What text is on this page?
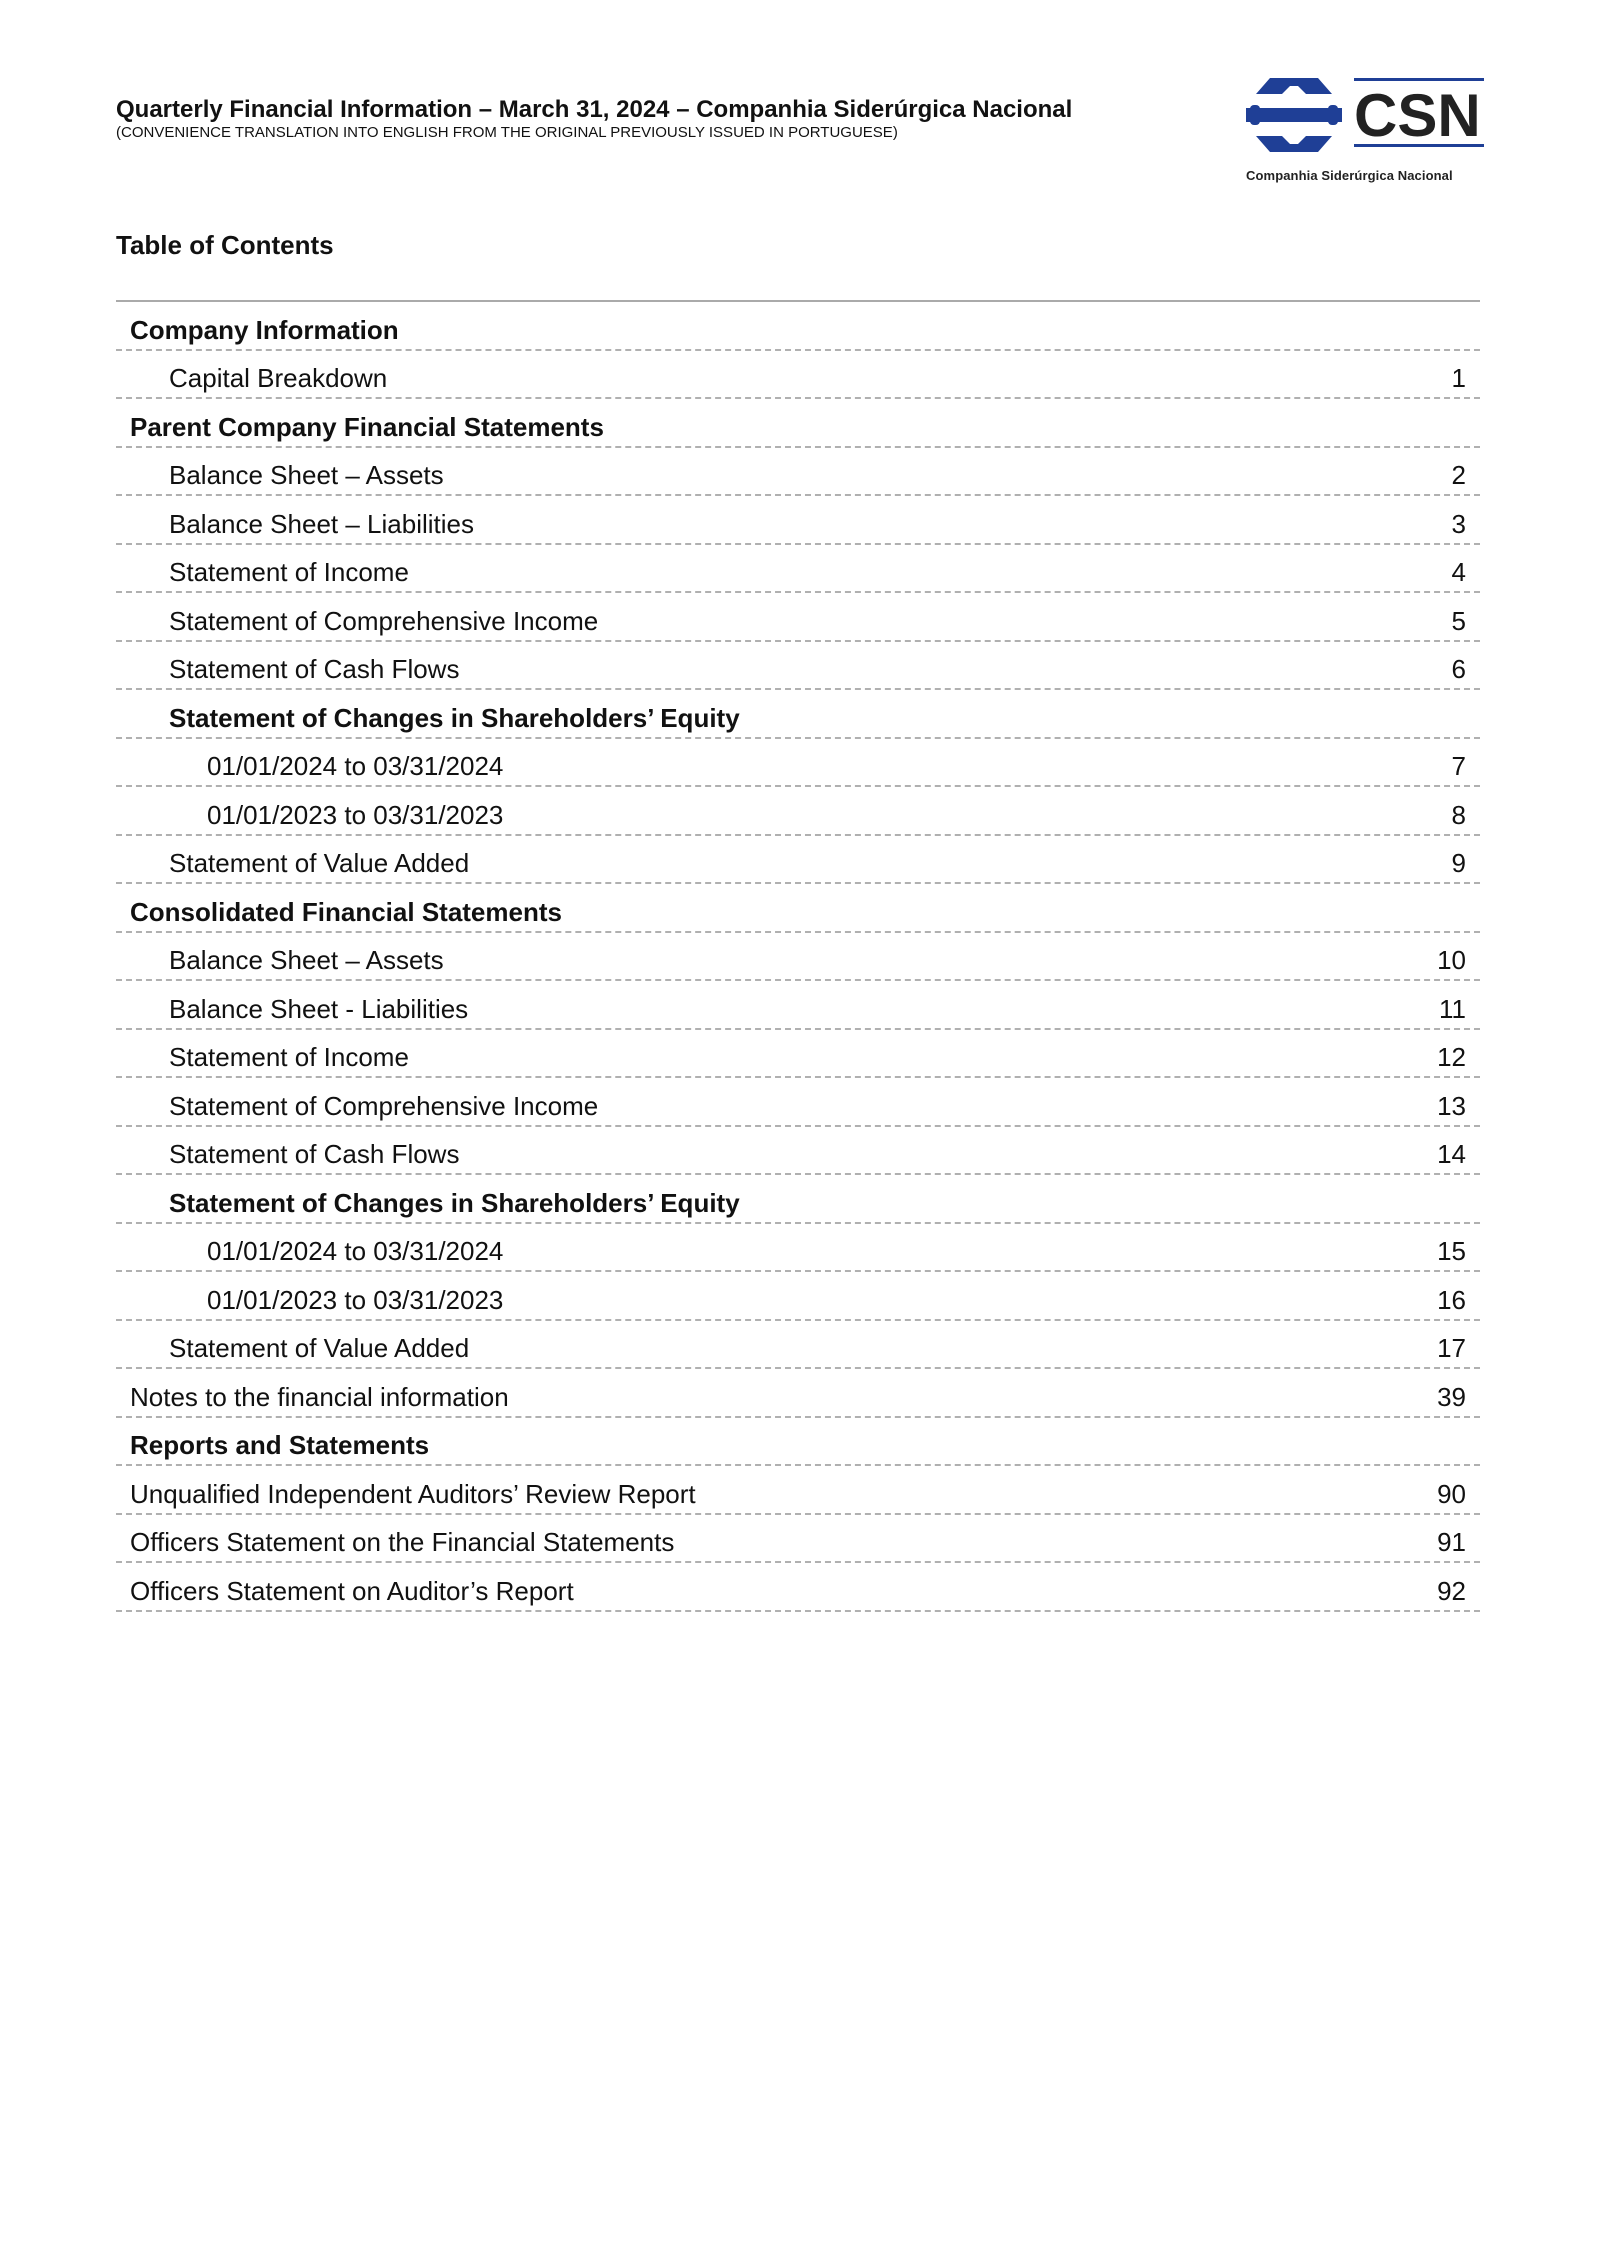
Quarterly Financial Information – March 31, 2024 – Companhia Siderúrgica Nacional
(CONVENIENCE TRANSLATION INTO ENGLISH FROM THE ORIGINAL PREVIOUSLY ISSUED IN PORTUGUESE)	CSN
Companhia Siderúrgica Nacional
Table of Contents
Company Information
Capital Breakdown	1
Parent Company Financial Statements
Balance Sheet – Assets	2
Balance Sheet – Liabilities	3
Statement of Income	4
Statement of Comprehensive Income	5
Statement of Cash Flows	6
Statement of Changes in Shareholders’ Equity
01/01/2024 to 03/31/2024	7
01/01/2023 to 03/31/2023	8
Statement of Value Added	9
Consolidated Financial Statements
Balance Sheet – Assets	10
Balance Sheet - Liabilities	11
Statement of Income	12
Statement of Comprehensive Income	13
Statement of Cash Flows	14
Statement of Changes in Shareholders’ Equity
01/01/2024 to 03/31/2024	15
01/01/2023 to 03/31/2023	16
Statement of Value Added	17
Notes to the financial information	39
Reports and Statements
Unqualified Independent Auditors’ Review Report	90
Officers Statement on the Financial Statements	91
Officers Statement on Auditor’s Report	92
